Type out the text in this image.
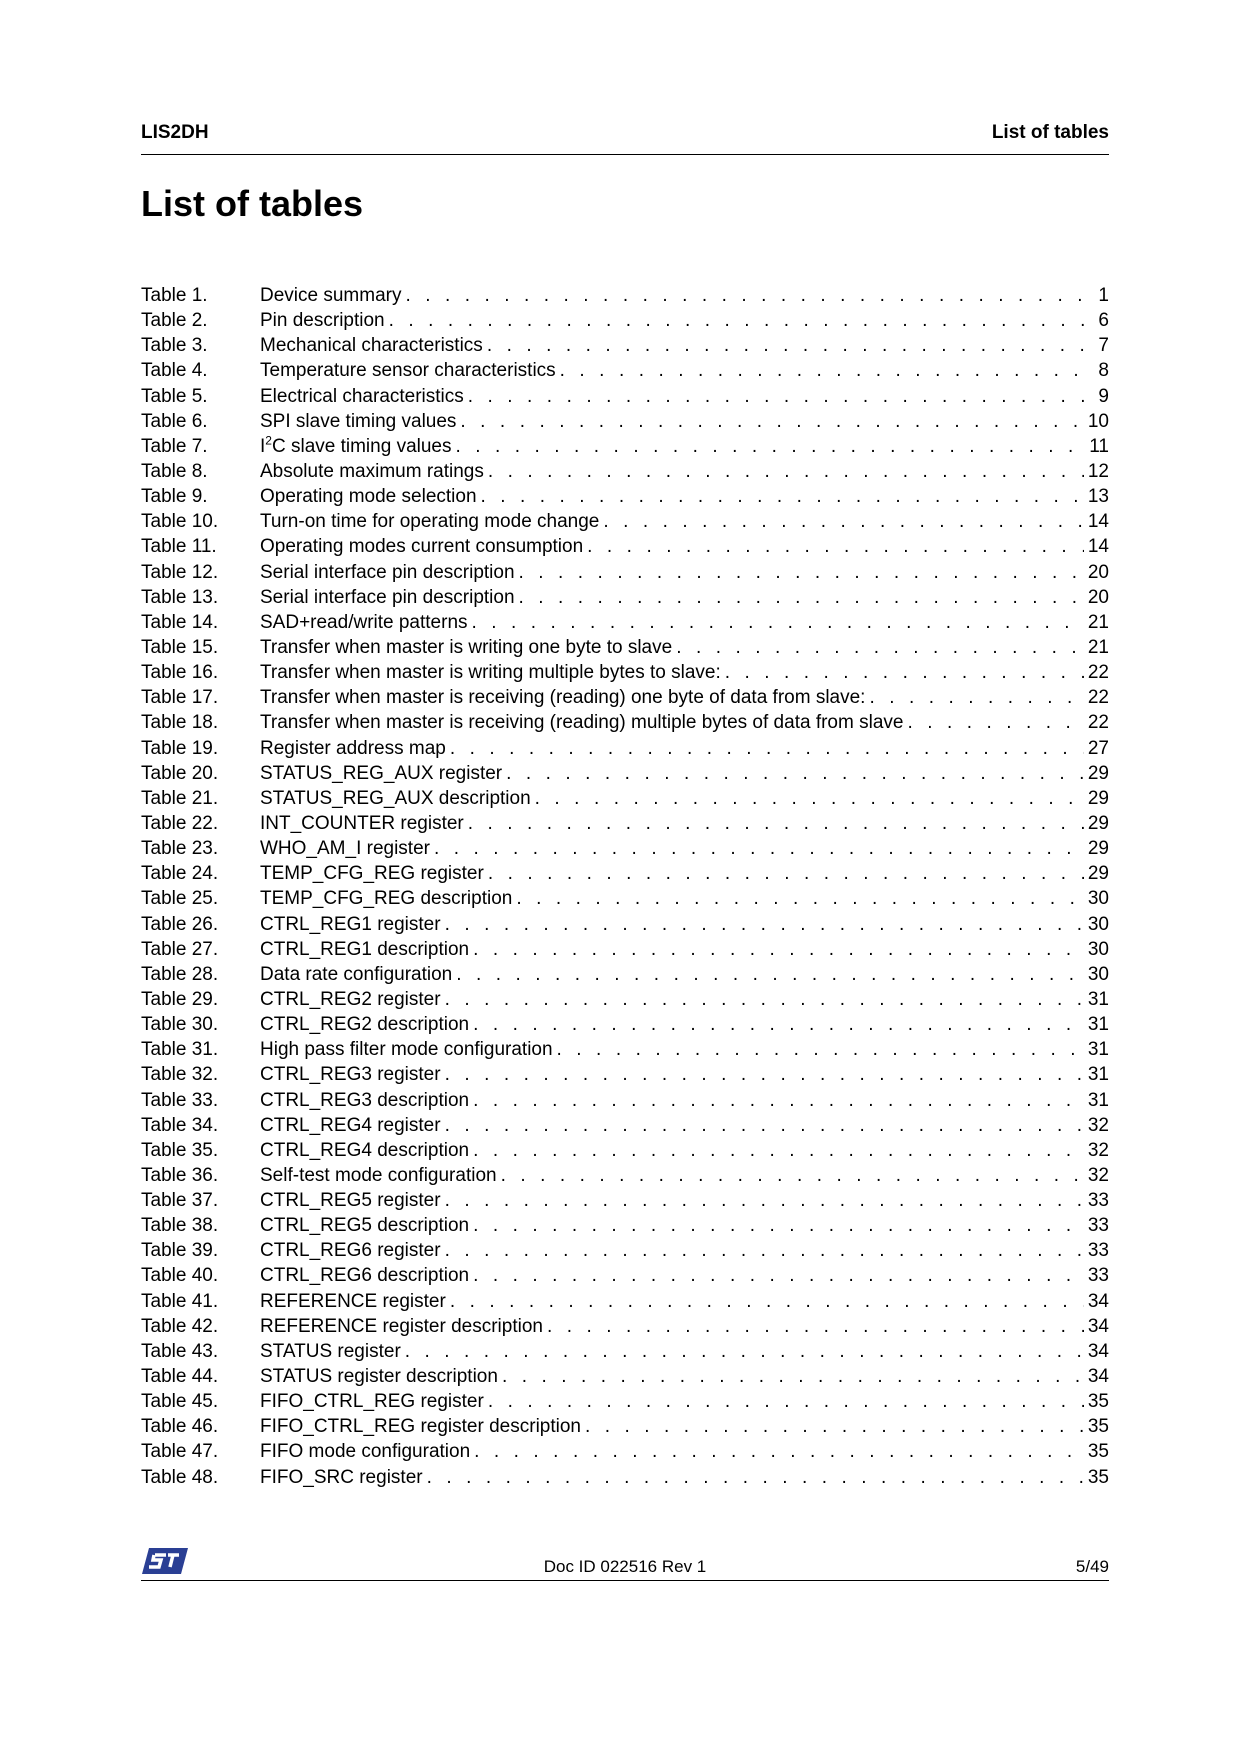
LIS2DH	List of tables
List of tables
Table 1.	Device summary . . .	1
Table 2.	Pin description . . .	6
Table 3.	Mechanical characteristics . . .	7
Table 4.	Temperature sensor characteristics . . .	8
Table 5.	Electrical characteristics . . .	9
Table 6.	SPI slave timing values . . .	10
Table 7.	$I^2C$ slave timing values . . .	11
Table 8.	Absolute maximum ratings . . .	12
Table 9.	Operating mode selection . . .	13
Table 10. Turn-on time for operating mode change . . .	14
Table 11. Operating modes current consumption . . .	14
Table 12. Serial interface pin description . . .	20
Table 13. Serial interface pin description . . .	20
Table 14. SAD+read/write patterns . . .	21
Table 15. Transfer when master is writing one byte to slave . . .	21
Table 16. Transfer when master is writing multiple bytes to slave: . . .	22
Table 17. Transfer when master is receiving (reading) one byte of data from slave: . . .	22
Table 18. Transfer when master is receiving (reading) multiple bytes of data from slave . . .	22
Table 19. Register address map . . .	27
Table 20. STATUS_REG_AUX register . . .	29
Table 21. STATUS_REG_AUX description . . .	29
Table 22. INT_COUNTER register . . .	29
Table 23. WHO_AM_I register . . .	29
Table 24. TEMP_CFG_REG register . . .	29
Table 25. TEMP_CFG_REG description . . .	30
Table 26. CTRL_REG1 register . . .	30
Table 27. CTRL_REG1 description . . .	30
Table 28. Data rate configuration . . .	30
Table 29. CTRL_REG2 register . . .	31
Table 30. CTRL_REG2 description . . .	31
Table 31. High pass filter mode configuration . . .	31
Table 32. CTRL_REG3 register . . .	31
Table 33. CTRL_REG3 description . . .	31
Table 34. CTRL_REG4 register . . .	32
Table 35. CTRL_REG4 description . . .	32
Table 36. Self-test mode configuration . . .	32
Table 37. CTRL_REG5 register . . .	33
Table 38. CTRL_REG5 description . . .	33
Table 39. CTRL_REG6 register . . .	33
Table 40. CTRL_REG6 description . . .	33
Table 41. REFERENCE register . . .	34
Table 42. REFERENCE register description . . .	34
Table 43. STATUS register . . .	34
Table 44. STATUS register description . . .	34
Table 45. FIFO_CTRL_REG register . . .	35
Table 46. FIFO_CTRL_REG register description . . .	35
Table 47. FIFO mode configuration . . .	35
Table 48. FIFO_SRC register . . .	35
Doc ID 022516 Rev 1	5/49
